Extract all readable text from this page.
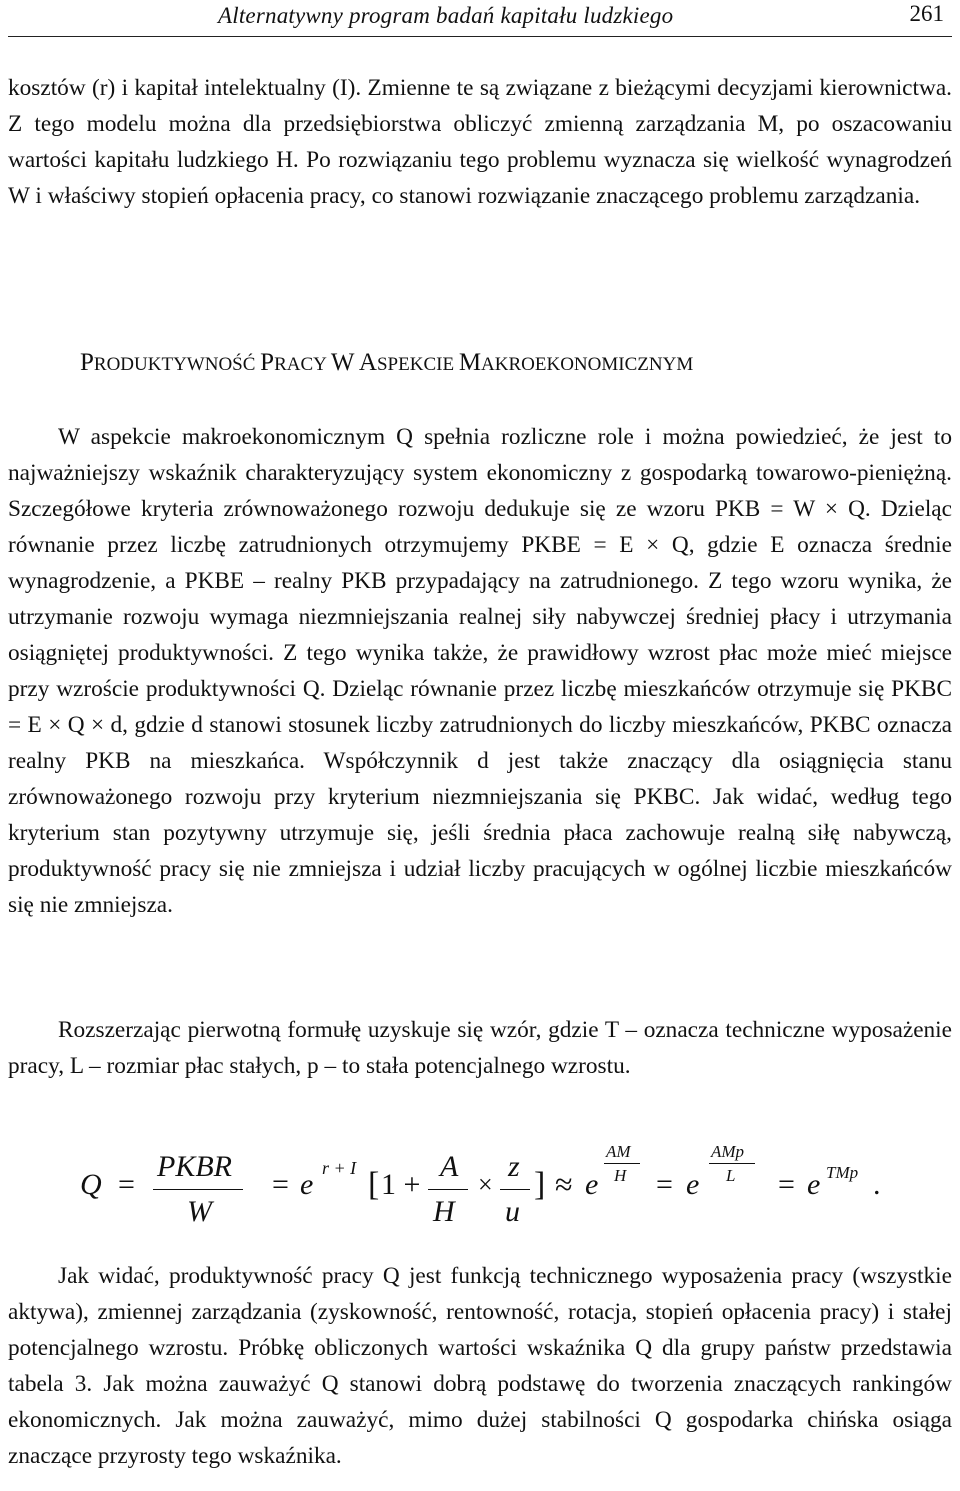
Alternatywny program badań kapitału ludzkiego	261

kosztów (r) i kapitał intelektualny (I). Zmienne te są związane z bieżącymi decyzjami kierownictwa. Z tego modelu można dla przedsiębiorstwa obliczyć zmienną zarządzania M, po oszacowaniu wartości kapitału ludzkiego H. Po rozwiązaniu tego problemu wyznacza się wielkość wynagrodzeń W i właściwy stopień opłacenia pracy, co stanowi rozwiązanie znaczącego problemu zarządzania.

PRODUKTYWNOŚĆ PRACY W ASPEKCIE MAKROEKONOMICZNYM

W aspekcie makroekonomicznym Q spełnia rozliczne role i można powiedzieć, że jest to najważniejszy wskaźnik charakteryzujący system ekonomiczny z gospodarką towarowo-pieniężną. Szczegółowe kryteria zrównoważonego rozwoju dedukuje się ze wzoru PKB = W × Q. Dzieląc równanie przez liczbę zatrudnionych otrzymujemy PKBE = E × Q, gdzie E oznacza średnie wynagrodzenie, a PKBE – realny PKB przypadający na zatrudnionego. Z tego wzoru wynika, że utrzymanie rozwoju wymaga niezmniejszania realnej siły nabywczej średniej płacy i utrzymania osiągniętej produktywności. Z tego wynika także, że prawidłowy wzrost płac może mieć miejsce przy wzroście produktywności Q. Dzieląc równanie przez liczbę mieszkańców otrzymuje się PKBC = E × Q × d, gdzie d stanowi stosunek liczby zatrudnionych do liczby mieszkańców, PKBC oznacza realny PKB na mieszkańca. Współczynnik d jest także znaczący dla osiągnięcia stanu zrównoważonego rozwoju przy kryterium niezmniejszania się PKBC. Jak widać, według tego kryterium stan pozytywny utrzymuje się, jeśli średnia płaca zachowuje realną siłę nabywczą, produktywność pracy się nie zmniejsza i udział liczby pracujących w ogólnej liczbie mieszkańców się nie zmniejsza.

Rozszerzając pierwotną formułę uzyskuje się wzór, gdzie T – oznacza techniczne wyposażenie pracy, L – rozmiar płac stałych, p – to stała potencjalnego wzrostu.

Q =
PKBR
W
= e r + I [ 1 +
A
H
×
z
u
] ≈ e
AM
H = e
AMp
L = e TMp .

Jak widać, produktywność pracy Q jest funkcją technicznego wyposażenia pracy (wszystkie aktywa), zmiennej zarządzania (zyskowność, rentowność, rotacja, stopień opłacenia pracy) i stałej potencjalnego wzrostu. Próbkę obliczonych wartości wskaźnika Q dla grupy państw przedstawia tabela 3. Jak można zauważyć Q stanowi dobrą podstawę do tworzenia znaczących rankingów ekonomicznych. Jak można zauważyć, mimo dużej stabilności Q gospodarka chińska osiąga znaczące przyrosty tego wskaźnika.
